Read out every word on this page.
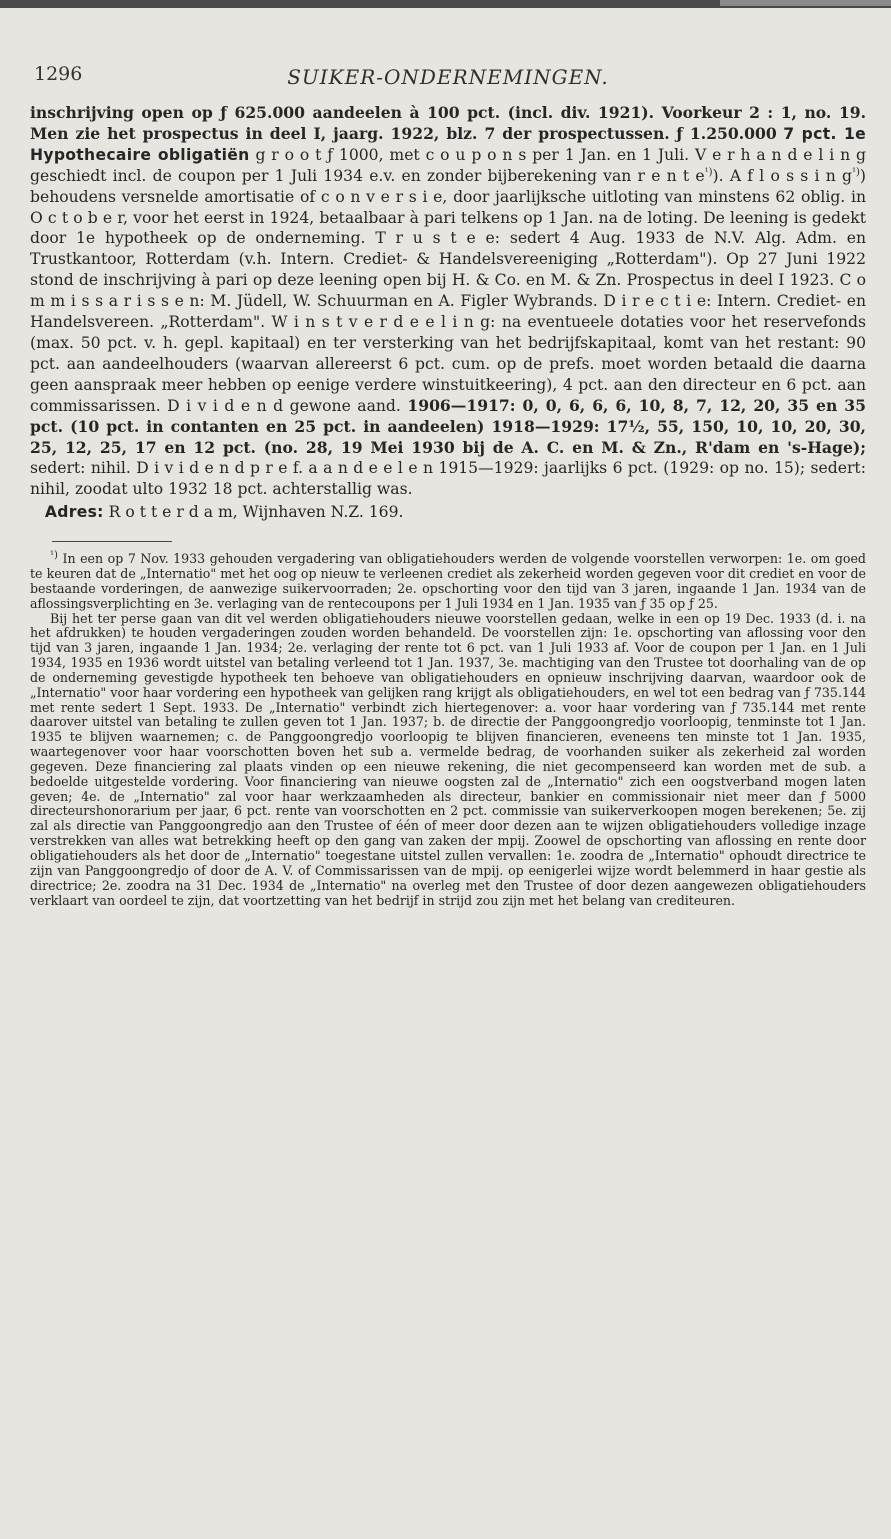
1296	SUIKER-ONDERNEMINGEN.

inschrijving open op ƒ 625.000 aandeelen à 100 pct. (incl. div. 1921). Voorkeur 2 : 1, no. 19. Men zie het prospectus in deel I, jaarg. 1922, blz. 7 der prospectussen. ƒ 1.250.000 7 pct. 1e Hypothecaire obligatiën g r o o t ƒ 1000, met c o u p o n s per 1 Jan. en 1 Juli. V e r h a n d e l i n g geschiedt incl. de coupon per 1 Juli 1934 e.v. en zonder bijberekening van r e n t $e^{^1)}$). A f l o s s i n $g^{^1)}$) behoudens versnelde amortisatie of c o n v e r s i e, door jaarlijksche uitloting van minstens 62 oblig. in O c t o b e r, voor het eerst in 1924, betaalbaar à pari telkens op 1 Jan. na de loting. De leening is gedekt door 1e hypotheek op de onderneming. T r u s t e e: sedert 4 Aug. 1933 de N.V. Alg. Adm. en Trustkantoor, Rotterdam (v.h. Intern. Crediet- & Handelsvereeniging „Rotterdam"). Op 27 Juni 1922 stond de inschrijving à pari op deze leening open bij H. & Co. en M. & Zn. Prospectus in deel I 1923. C o m m i s s a r i s s e n: M. Jüdell, W. Schuurman en A. Figler Wybrands. D i r e c t i e: Intern. Crediet- en Handelsvereen. „Rotterdam". W i n s t v e r d e e l i n g: na eventueele dotaties voor het reservefonds (max. 50 pct. v. h. gepl. kapitaal) en ter versterking van het bedrijfskapitaal, komt van het restant: 90 pct. aan aandeelhouders (waarvan allereerst 6 pct. cum. op de prefs. moet worden betaald die daarna geen aanspraak meer hebben op eenige verdere winstuitkeering), 4 pct. aan den directeur en 6 pct. aan commissarissen. D i v i d e n d gewone aand. 1906—1917: 0, 0, 6, 6, 6, 10, 8, 7, 12, 20, 35 en 35 pct. (10 pct. in contanten en 25 pct. in aandeelen) 1918—1929: 17½, 55, 150, 10, 10, 20, 30, 25, 12, 25, 17 en 12 pct. (no. 28, 19 Mei 1930 bij de A. C. en M. & Zn., R'dam en 's-Hage); sedert: nihil. D i v i d e n d p r e f. a a n d e e l e n 1915—1929: jaarlijks 6 pct. (1929: op no. 15); sedert: nihil, zoodat ulto 1932 18 pct. achterstallig was.

Adres: R o t t e r d a m, Wijnhaven N.Z. 169.

$^{^1)}$ In een op 7 Nov. 1933 gehouden vergadering van obligatiehouders werden de volgende voorstellen verworpen: 1e. om goed te keuren dat de „Internatio" met het oog op nieuw te verleenen crediet als zekerheid worden gegeven voor dit crediet en voor de bestaande vorderingen, de aanwezige suikervoorraden; 2e. opschorting voor den tijd van 3 jaren, ingaande 1 Jan. 1934 van de aflossingsverplichting en 3e. verlaging van de rentecoupons per 1 Juli 1934 en 1 Jan. 1935 van ƒ 35 op ƒ 25.

Bij het ter perse gaan van dit vel werden obligatiehouders nieuwe voorstellen gedaan, welke in een op 19 Dec. 1933 (d. i. na het afdrukken) te houden vergaderingen zouden worden behandeld. De voorstellen zijn: 1e. opschorting van aflossing voor den tijd van 3 jaren, ingaande 1 Jan. 1934; 2e. verlaging der rente tot 6 pct. van 1 Juli 1933 af. Voor de coupon per 1 Jan. en 1 Juli 1934, 1935 en 1936 wordt uitstel van betaling verleend tot 1 Jan. 1937, 3e. machtiging van den Trustee tot doorhaling van de op de onderneming gevestigde hypotheek ten behoeve van obligatiehouders en opnieuw inschrijving daarvan, waardoor ook de „Internatio" voor haar vordering een hypotheek van gelijken rang krijgt als obligatiehouders, en wel tot een bedrag van ƒ 735.144 met rente sedert 1 Sept. 1933. De „Internatio" verbindt zich hiertegenover: a. voor haar vordering van ƒ 735.144 met rente daarover uitstel van betaling te zullen geven tot 1 Jan. 1937; b. de directie der Panggoongredjo voorloopig, tenminste tot 1 Jan. 1935 te blijven waarnemen; c. de Panggoongredjo voorloopig te blijven financieren, eveneens ten minste tot 1 Jan. 1935, waartegenover voor haar voorschotten boven het sub a. vermelde bedrag, de voorhanden suiker als zekerheid zal worden gegeven. Deze financiering zal plaats vinden op een nieuwe rekening, die niet gecompenseerd kan worden met de sub. a bedoelde uitgestelde vordering. Voor financiering van nieuwe oogsten zal de „Internatio" zich een oogstverband mogen laten geven; 4e. de „Internatio" zal voor haar werkzaamheden als directeur, bankier en commissionair niet meer dan ƒ 5000 directeurshonorarium per jaar, 6 pct. rente van voorschotten en 2 pct. commissie van suikerverkoopen mogen berekenen; 5e. zij zal als directie van Panggoongredjo aan den Trustee of één of meer door dezen aan te wijzen obligatiehouders volledige inzage verstrekken van alles wat betrekking heeft op den gang van zaken der mpij. Zoowel de opschorting van aflossing en rente door obligatiehouders als het door de „Internatio" toegestane uitstel zullen vervallen: 1e. zoodra de „Internatio" ophoudt directrice te zijn van Panggoongredjo of door de A. V. of Commissarissen van de mpij. op eenigerlei wijze wordt belemmerd in haar gestie als directrice; 2e. zoodra na 31 Dec. 1934 de „Internatio" na overleg met den Trustee of door dezen aangewezen obligatiehouders verklaart van oordeel te zijn, dat voortzetting van het bedrijf in strijd zou zijn met het belang van crediteuren.
